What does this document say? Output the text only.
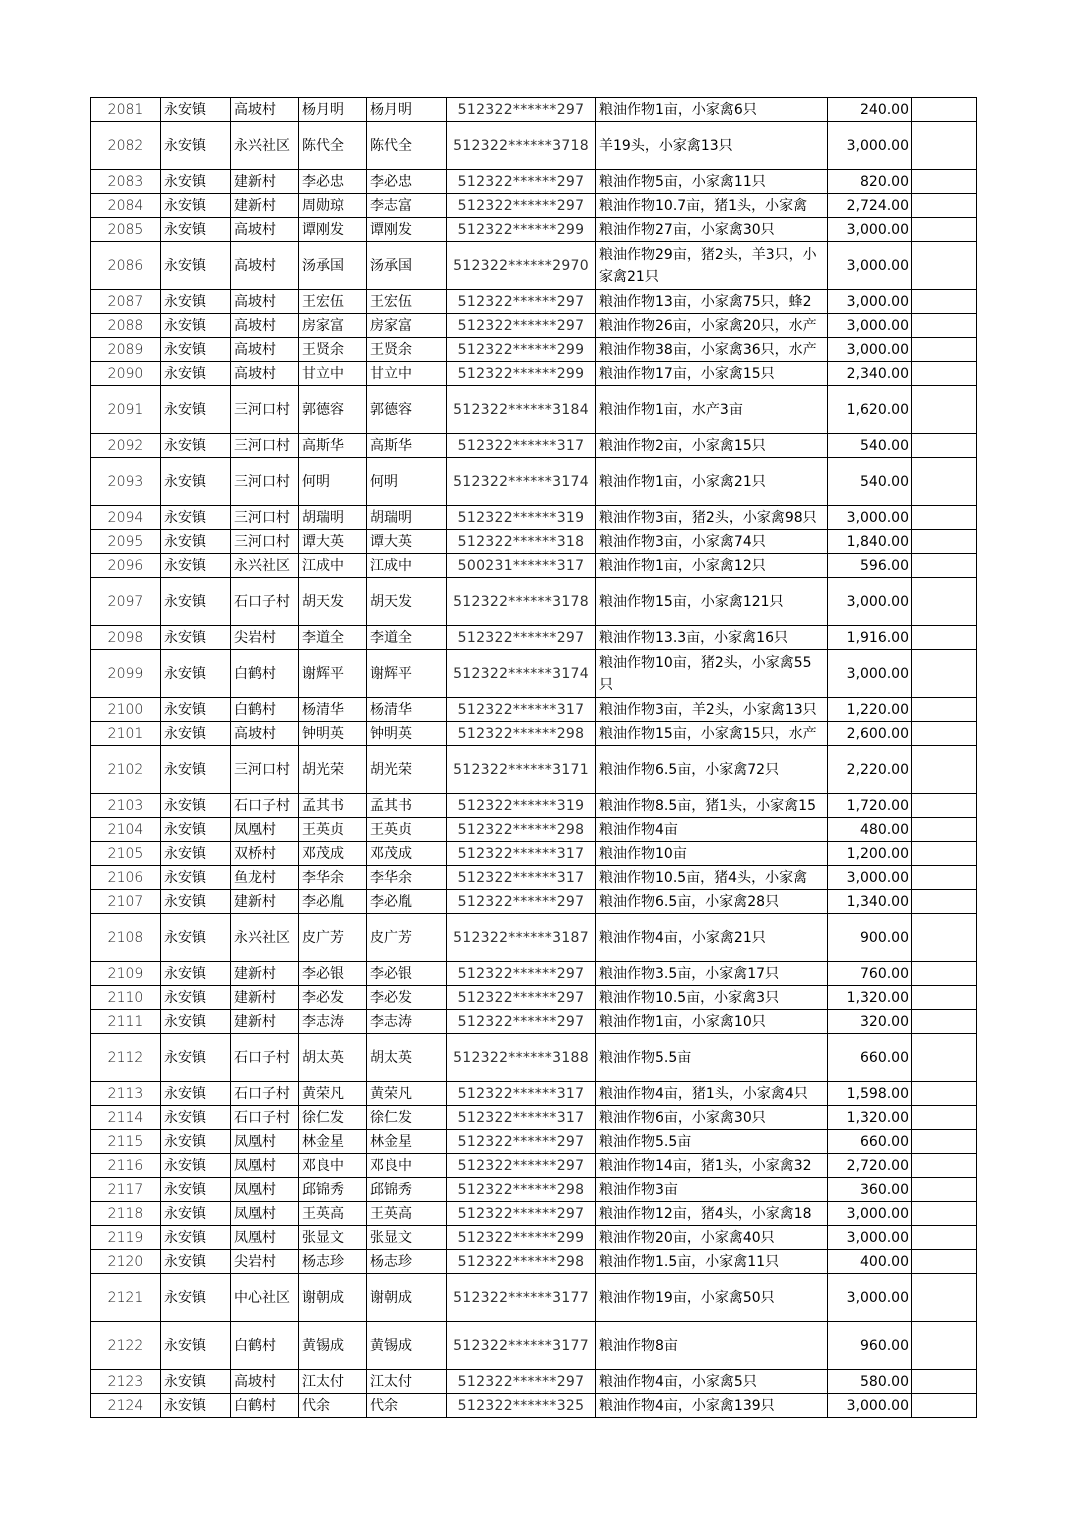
2081	永安镇	高坡村	杨月明	杨月明	512322******297	粮油作物1亩，小家禽6只	240.00	
2082	永安镇	永兴社区	陈代全	陈代全	512322******3718	羊19头，小家禽13只	3,000.00	
2083	永安镇	建新村	李必忠	李必忠	512322******297	粮油作物5亩，小家禽11只	820.00	
2084	永安镇	建新村	周勋琼	李志富	512322******297	粮油作物10.7亩，猪1头，小家禽	2,724.00	
2085	永安镇	高坡村	谭刚发	谭刚发	512322******299	粮油作物27亩，小家禽30只	3,000.00	
2086	永安镇	高坡村	汤承国	汤承国	512322******2970	粮油作物29亩，猪2头，羊3只，小家禽21只	3,000.00	
2087	永安镇	高坡村	王宏伍	王宏伍	512322******297	粮油作物13亩，小家禽75只，蜂2	3,000.00	
2088	永安镇	高坡村	房家富	房家富	512322******297	粮油作物26亩，小家禽20只，水产	3,000.00	
2089	永安镇	高坡村	王贤余	王贤余	512322******299	粮油作物38亩，小家禽36只，水产	3,000.00	
2090	永安镇	高坡村	甘立中	甘立中	512322******299	粮油作物17亩，小家禽15只	2,340.00	
2091	永安镇	三河口村	郭德容	郭德容	512322******3184	粮油作物1亩，水产3亩	1,620.00	
2092	永安镇	三河口村	高斯华	高斯华	512322******317	粮油作物2亩，小家禽15只	540.00	
2093	永安镇	三河口村	何明	何明	512322******3174	粮油作物1亩，小家禽21只	540.00	
2094	永安镇	三河口村	胡瑞明	胡瑞明	512322******319	粮油作物3亩，猪2头，小家禽98只	3,000.00	
2095	永安镇	三河口村	谭大英	谭大英	512322******318	粮油作物3亩，小家禽74只	1,840.00	
2096	永安镇	永兴社区	江成中	江成中	500231******317	粮油作物1亩，小家禽12只	596.00	
2097	永安镇	石口子村	胡天发	胡天发	512322******3178	粮油作物15亩，小家禽121只	3,000.00	
2098	永安镇	尖岩村	李道全	李道全	512322******297	粮油作物13.3亩，小家禽16只	1,916.00	
2099	永安镇	白鹤村	谢辉平	谢辉平	512322******3174	粮油作物10亩，猪2头，小家禽55只	3,000.00	
2100	永安镇	白鹤村	杨清华	杨清华	512322******317	粮油作物3亩，羊2头，小家禽13只	1,220.00	
2101	永安镇	高坡村	钟明英	钟明英	512322******298	粮油作物15亩，小家禽15只，水产	2,600.00	
2102	永安镇	三河口村	胡光荣	胡光荣	512322******3171	粮油作物6.5亩，小家禽72只	2,220.00	
2103	永安镇	石口子村	孟其书	孟其书	512322******319	粮油作物8.5亩，猪1头，小家禽15	1,720.00	
2104	永安镇	凤凰村	王英贞	王英贞	512322******298	粮油作物4亩	480.00	
2105	永安镇	双桥村	邓茂成	邓茂成	512322******317	粮油作物10亩	1,200.00	
2106	永安镇	鱼龙村	李华余	李华余	512322******317	粮油作物10.5亩，猪4头，小家禽	3,000.00	
2107	永安镇	建新村	李必胤	李必胤	512322******297	粮油作物6.5亩，小家禽28只	1,340.00	
2108	永安镇	永兴社区	皮广芳	皮广芳	512322******3187	粮油作物4亩，小家禽21只	900.00	
2109	永安镇	建新村	李必银	李必银	512322******297	粮油作物3.5亩，小家禽17只	760.00	
2110	永安镇	建新村	李必发	李必发	512322******297	粮油作物10.5亩，小家禽3只	1,320.00	
2111	永安镇	建新村	李志涛	李志涛	512322******297	粮油作物1亩，小家禽10只	320.00	
2112	永安镇	石口子村	胡太英	胡太英	512322******3188	粮油作物5.5亩	660.00	
2113	永安镇	石口子村	黄荣凡	黄荣凡	512322******317	粮油作物4亩，猪1头，小家禽4只	1,598.00	
2114	永安镇	石口子村	徐仁发	徐仁发	512322******317	粮油作物6亩，小家禽30只	1,320.00	
2115	永安镇	凤凰村	林金星	林金星	512322******297	粮油作物5.5亩	660.00	
2116	永安镇	凤凰村	邓良中	邓良中	512322******297	粮油作物14亩，猪1头，小家禽32	2,720.00	
2117	永安镇	凤凰村	邱锦秀	邱锦秀	512322******298	粮油作物3亩	360.00	
2118	永安镇	凤凰村	王英高	王英高	512322******297	粮油作物12亩，猪4头，小家禽18	3,000.00	
2119	永安镇	凤凰村	张显文	张显文	512322******299	粮油作物20亩，小家禽40只	3,000.00	
2120	永安镇	尖岩村	杨志珍	杨志珍	512322******298	粮油作物1.5亩，小家禽11只	400.00	
2121	永安镇	中心社区	谢朝成	谢朝成	512322******3177	粮油作物19亩，小家禽50只	3,000.00	
2122	永安镇	白鹤村	黄锡成	黄锡成	512322******3177	粮油作物8亩	960.00	
2123	永安镇	高坡村	江太付	江太付	512322******297	粮油作物4亩，小家禽5只	580.00	
2124	永安镇	白鹤村	代余	代余	512322******325	粮油作物4亩，小家禽139只	3,000.00	
